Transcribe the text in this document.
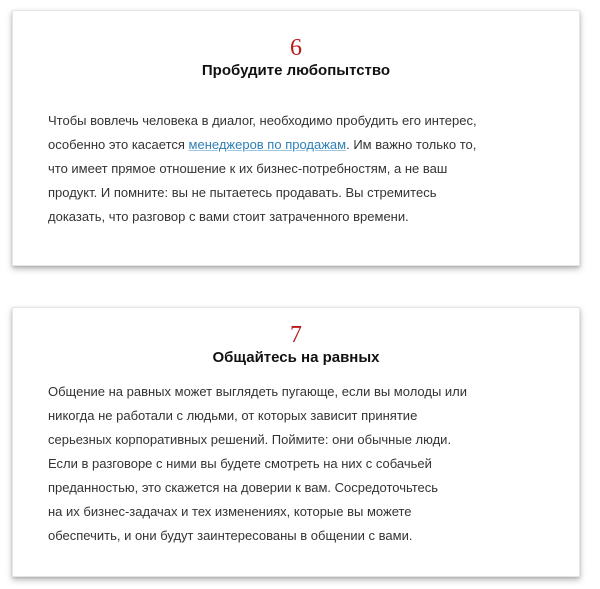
6

Пробудите любопытство

Чтобы вовлечь человека в диалог, необходимо пробудить его интерес,
особенно это касается менеджеров по продажам. Им важно только то,
что имеет прямое отношение к их бизнес-потребностям, а не ваш
продукт. И помните: вы не пытаетесь продавать. Вы стремитесь
доказать, что разговор с вами стоит затраченного времени.

7

Общайтесь на равных

Общение на равных может выглядеть пугающе, если вы молоды или
никогда не работали с людьми, от которых зависит принятие
серьезных корпоративных решений. Поймите: они обычные люди.
Если в разговоре с ними вы будете смотреть на них с собачьей
преданностью, это скажется на доверии к вам. Сосредоточьтесь
на их бизнес-задачах и тех изменениях, которые вы можете
обеспечить, и они будут заинтересованы в общении с вами.
